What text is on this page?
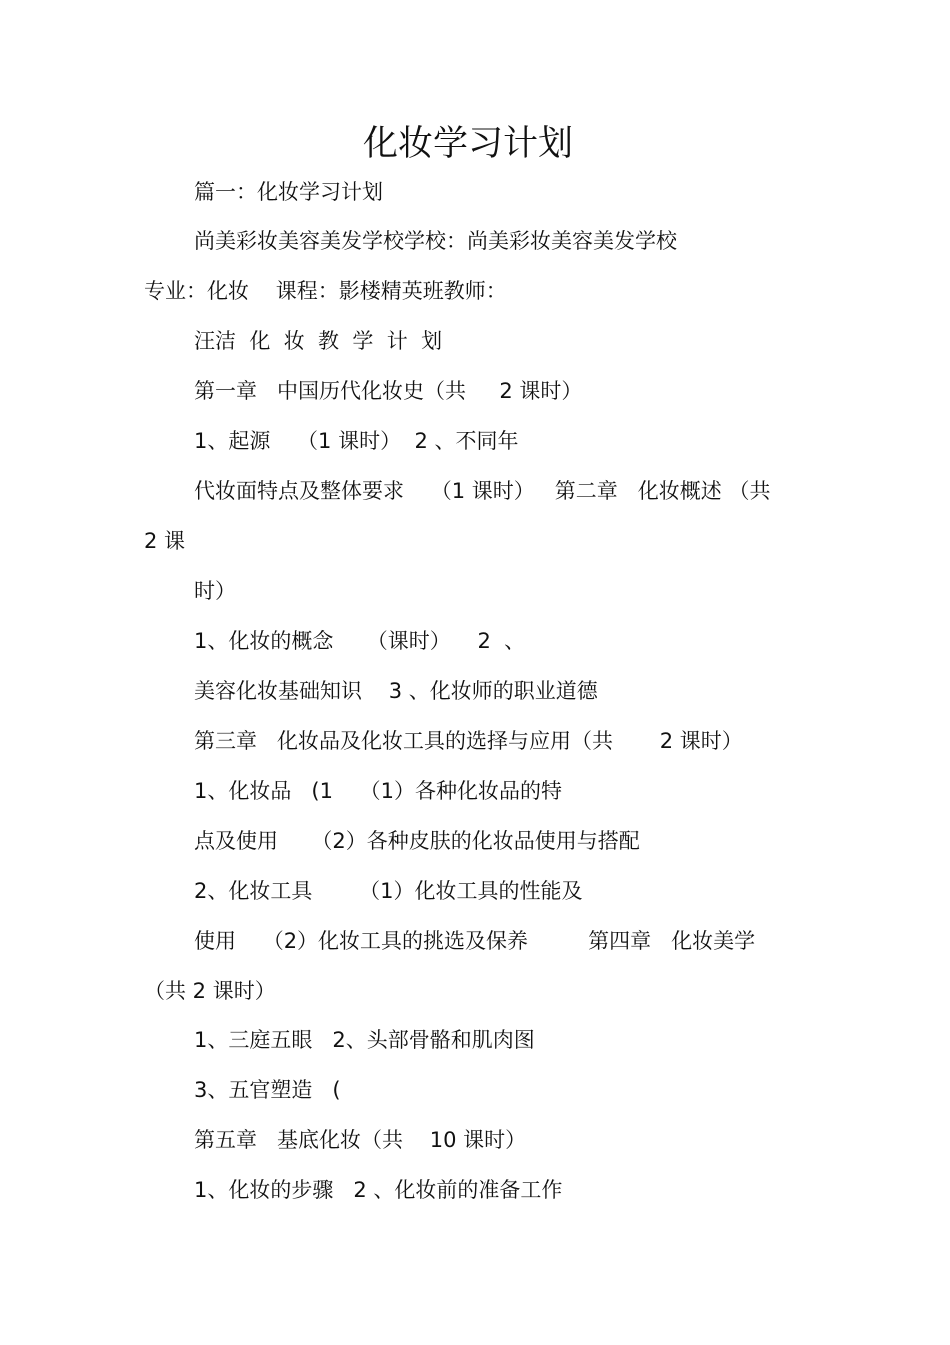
化妆学习计划
篇一：化妆学习计划
尚美彩妆美容美发学校学校：尚美彩妆美容美发学校
专业：化妆    课程：影楼精英班教师：
汪洁  化  妆  教  学  计  划
第一章   中国历代化妆史（共     2 课时）
1、起源    （1 课时）  2 、不同年
代妆面特点及整体要求    （1 课时）   第二章   化妆概述 （共
2 课
时）
1、化妆的概念     （课时）    2  、
美容化妆基础知识    3 、化妆师的职业道德
第三章   化妆品及化妆工具的选择与应用（共       2 课时）
1、化妆品   (1    （1）各种化妆品的特
点及使用     （2）各种皮肤的化妆品使用与搭配
2、化妆工具       （1）化妆工具的性能及
使用    （2）化妆工具的挑选及保养         第四章   化妆美学
（共 2 课时）
1、三庭五眼   2、头部骨骼和肌肉图
3、五官塑造   (
第五章   基底化妆（共    10 课时）
1、化妆的步骤   2 、化妆前的准备工作
